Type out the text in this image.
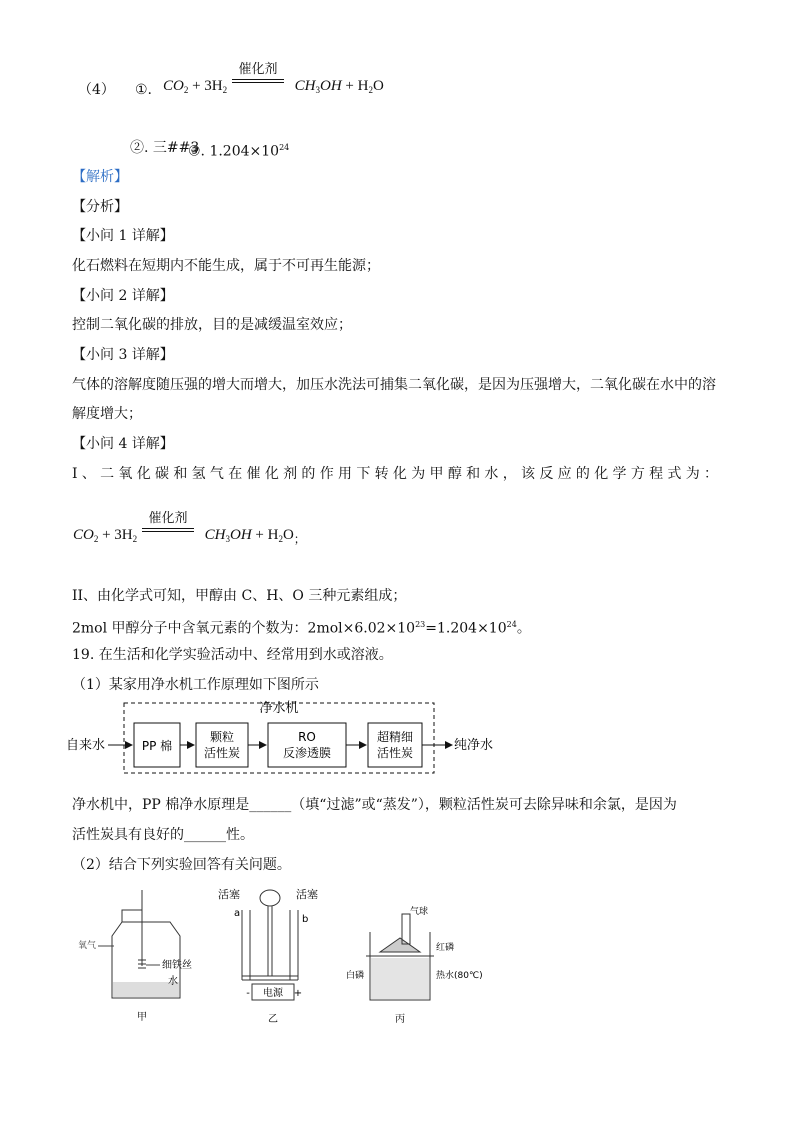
（4） ①. $CO_2 + 3H_2$	$CH_3OH + H_2O$
催化剂
②. 三##3
③. $1.204\times 10^{24}$
【解析】
【分析】
【小问 1 详解】
化石燃料在短期内不能生成，属于不可再生能源；
【小问 2 详解】
控制二氧化碳的排放，目的是减缓温室效应；
【小问 3 详解】
气体的溶解度随压强的增大而增大，加压水洗法可捕集二氧化碳，是因为压强增大，二氧化碳在水中的溶
解度增大；
【小问 4 详解】
I、二氧化碳和氢气在催化剂的作用下转化为甲醇和水，该反应的化学方程式为：
$CO_2 + 3H_2$	$CH_3OH + H_2O_;$
催化剂
II、由化学式可知，甲醇由 C、H、O 三种元素组成；
2mol 甲醇分子中含氧元素的个数为：$2mol\times 6.02\times 10^{23}=1.204\times 10^{24}$。
19. 在生活和化学实验活动中、经常用到水或溶液。
（1）某家用净水机工作原理如下图所示
净水机
自来水	PP 棉
颗粒
活性炭
RO
反渗透膜
超精细
活性炭	纯净水
净水机中，PP 棉净水原理是______（填“过滤”或“蒸发”），颗粒活性炭可去除异味和余氯，是因为
活性炭具有良好的______性。
（2）结合下列实验回答有关问题。
氧气
细铁丝
水
甲
活塞	活塞
a
b
电源
-	+
乙
气球
红磷
白磷	热水(80℃)
丙
